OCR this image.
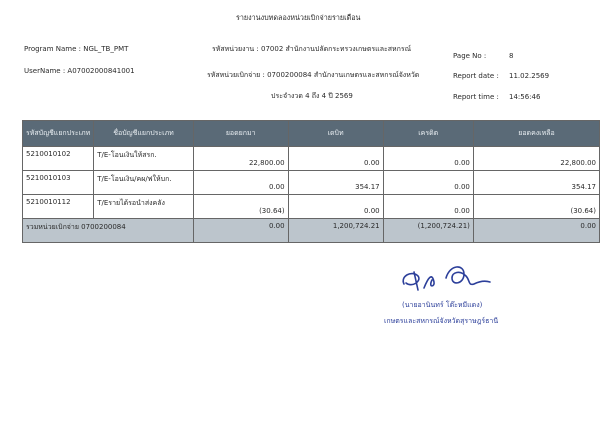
รายงานงบทดลองหน่วยเบิกจ่ายรายเดือน
รหัสหน่วยงาน : 07002 สำนักงานปลัดกระทรวงเกษตรและสหกรณ์
รหัสหน่วยเบิกจ่าย : 0700200084 สำนักงานเกษตรและสหกรณ์จังหวัด
ประจำงวด 4 ถึง 4 ปี 2569
Program Name : NGL_TB_PMT
UserName : A07002000841001
Page No :	8
Report date : 11.02.2569
Report time : 14:56:46
รหัสบัญชีแยกประเภท	ชื่อบัญชีแยกประเภท	ยอดยกมา	เดบิท	เครดิต	ยอดคงเหลือ
5210010102	T/E-โอนเงินให้สรก.	22,800.00	0.00	0.00	22,800.00
5210010103	T/E-โอนเงิน/คผ/ฟให้บก.	0.00	354.17	0.00	354.17
5210010112	T/Eรายได้รอนำส่งคลัง	(30.64)	0.00	0.00	(30.64)
รวมหน่วยเบิกจ่าย 0700200084		0.00	1,200,724.21	(1,200,724.21)	0.00
(นายอานินทร์ โต๊ะหมีแดง)
เกษตรและสหกรณ์จังหวัดสุราษฎร์ธานี
